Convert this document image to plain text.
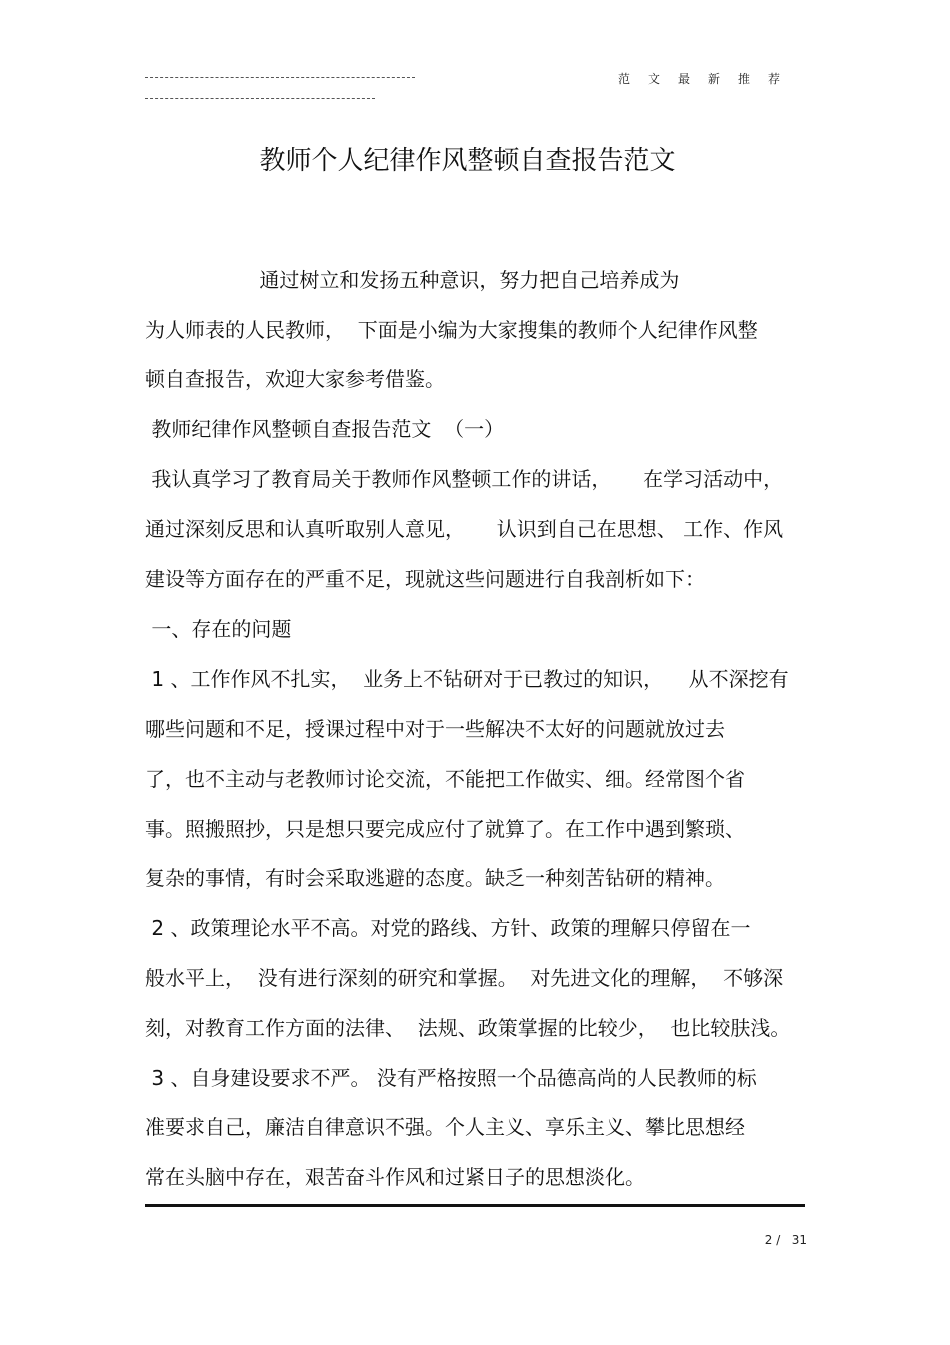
范文最新推荐
教师个人纪律作风整顿自查报告范文
通过树立和发扬五种意识，努力把自己培养成为
为人师表的人民教师，  下面是小编为大家搜集的教师个人纪律作风整
顿自查报告，欢迎大家参考借鉴。
教师纪律作风整顿自查报告范文  （一）
我认真学习了教育局关于教师作风整顿工作的讲话，     在学习活动中，
通过深刻反思和认真听取别人意见，     认识到自己在思想、 工作、作风
建设等方面存在的严重不足，现就这些问题进行自我剖析如下：
一、存在的问题
1 、工作作风不扎实，  业务上不钻研对于已教过的知识，    从不深挖有
哪些问题和不足，授课过程中对于一些解决不太好的问题就放过去
了，也不主动与老教师讨论交流，不能把工作做实、细。经常图个省
事。照搬照抄，只是想只要完成应付了就算了。在工作中遇到繁琐、
复杂的事情，有时会采取逃避的态度。缺乏一种刻苦钻研的精神。
2 、政策理论水平不高。对党的路线、方针、政策的理解只停留在一
般水平上，  没有进行深刻的研究和掌握。  对先进文化的理解，  不够深
刻，对教育工作方面的法律、  法规、政策掌握的比较少，  也比较肤浅。
3 、自身建设要求不严。 没有严格按照一个品德高尚的人民教师的标
准要求自己，廉洁自律意识不强。个人主义、享乐主义、攀比思想经
常在头脑中存在，艰苦奋斗作风和过紧日子的思想淡化。
2 /   31
